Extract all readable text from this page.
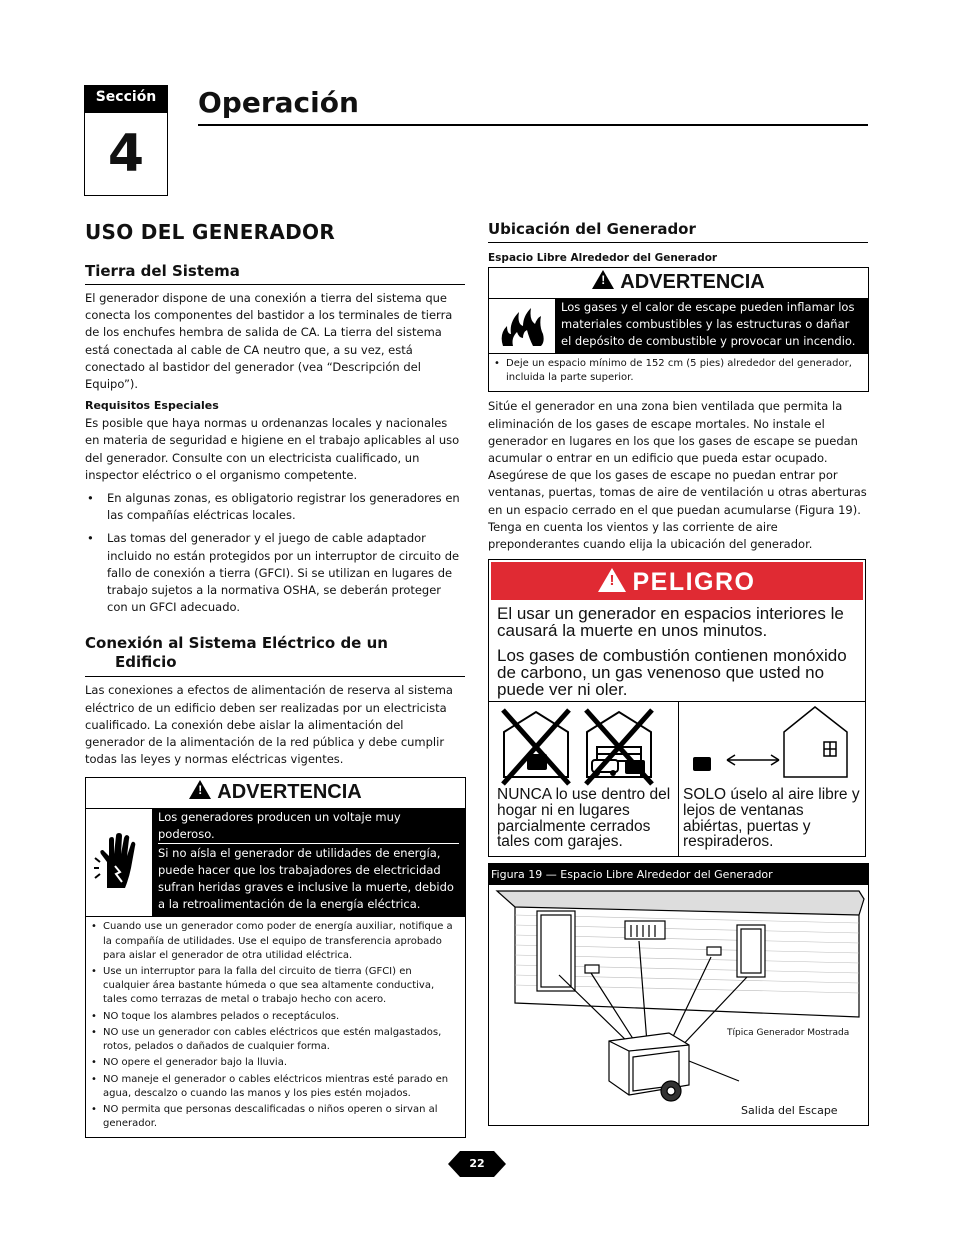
Sección
4
Operación
USO DEL GENERADOR
Tierra del Sistema

El generador dispone de una conexión a tierra del sistema que conecta los componentes del bastidor a los terminales de tierra de los enchufes hembra de salida de CA. La tierra del sistema está conectada al cable de CA neutro que, a su vez, está conectado al bastidor del generador (vea “Descripción del Equipo”).

Requisitos Especiales

Es posible que haya normas u ordenanzas locales y nacionales en materia de seguridad e higiene en el trabajo aplicables al uso del generador. Consulte con un electricista cualificado, un inspector eléctrico o el organismo competente.

• En algunas zonas, es obligatorio registrar los generadores en las compañías eléctricas locales.
• Las tomas del generador y el juego de cable adaptador incluido no están protegidos por un interruptor de circuito de fallo de conexión a tierra (GFCI). Si se utilizan en lugares de trabajo sujetos a la normativa OSHA, se deberán proteger con un GFCI adecuado.
Conexión al Sistema Eléctrico de un
Edificio

Las conexiones a efectos de alimentación de reserva al sistema eléctrico de un edificio deben ser realizadas por un electricista cualificado. La conexión debe aislar la alimentación del generador de la alimentación de la red pública y debe cumplir todas las leyes y normas eléctricas vigentes.

!ADVERTENCIA

Los generadores producen un voltaje muy poderoso.

Si no aísla el generador de utilidades de energía, puede hacer que los trabajadores de electricidad sufran heridas graves e inclusive la muerte, debido a la retroalimentación de la energía eléctrica.

• Cuando use un generador como poder de energía auxiliar, notifique a la compañía de utilidades. Use el equipo de transferencia aprobado para aislar el generador de otra utilidad eléctrica.
• Use un interruptor para la falla del circuito de tierra (GFCI) en cualquier área bastante húmeda o que sea altamente conductiva, tales como terrazas de metal o trabajo hecho con acero.
• NO toque los alambres pelados o receptáculos.
• NO use un generador con cables eléctricos que estén malgastados, rotos, pelados o dañados de cualquier forma.
• NO opere el generador bajo la lluvia.
• NO maneje el generador o cables eléctricos mientras esté parado en agua, descalzo o cuando las manos y los pies estén mojados.
• NO permita que personas descalificadas o niños operen o sirvan al generador.
Ubicación del Generador
Espacio Libre Alrededor del Generador
!ADVERTENCIA

Los gases y el calor de escape pueden inflamar los materiales combustibles y las estructuras o dañar el depósito de combustible y provocar un incendio.

• Deje un espacio mínimo de 152 cm (5 pies) alrededor del generador, incluida la parte superior.

Sitúe el generador en una zona bien ventilada que permita la eliminación de los gases de escape mortales. No instale el generador en lugares en los que los gases de escape se puedan acumular o entrar en un edificio que pueda estar ocupado. Asegúrese de que los gases de escape no puedan entrar por ventanas, puertas, tomas de aire de ventilación u otras aberturas en un espacio cerrado en el que puedan acumularse (Figura 19). Tenga en cuenta los vientos y las corriente de aire preponderantes cuando elija la ubicación del generador.

!PELIGRO

El usar un generador en espacios interiores le causará la muerte en unos minutos.

Los gases de combustión contienen monóxido de carbono, un gas venenoso que usted no puede ver ni oler.

NUNCA lo use dentro del hogar ni en lugares parcialmente cerrados tales com garajes.
SOLO úselo al aire libre y lejos de ventanas abiértas, puertas y respiraderos.
Figura 19 — Espacio Libre Alrededor del Generador
Típica Generador Mostrada
Salida del Escape
22
